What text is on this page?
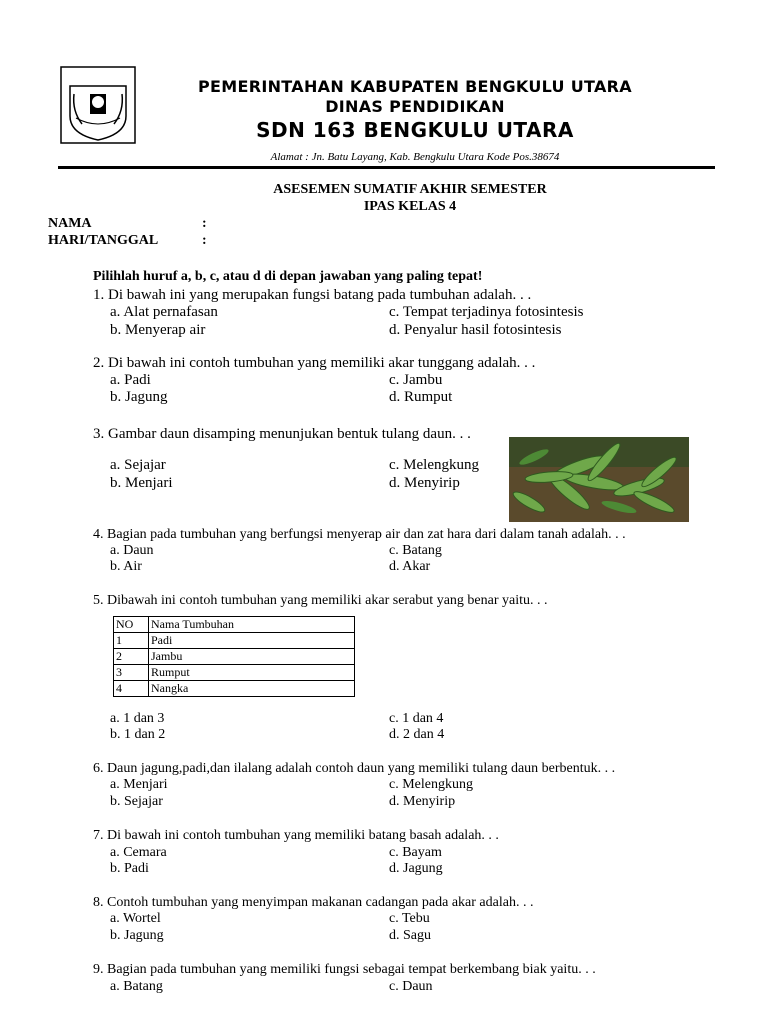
PEMERINTAHAN KABUPATEN BENGKULU UTARA
DINAS PENDIDIKAN
SDN 163 BENGKULU UTARA
Alamat : Jn. Batu Layang, Kab. Bengkulu Utara Kode Pos.38674
ASESEMEN SUMATIF AKHIR SEMESTER
IPAS KELAS 4
NAMA	:
HARI/TANGGAL	:
Pilihlah huruf a, b, c, atau d di depan jawaban yang paling tepat!
1. Di bawah ini yang merupakan fungsi batang pada tumbuhan adalah. . .
a. Alat pernafasan	c. Tempat terjadinya fotosintesis
b. Menyerap air	d. Penyalur hasil fotosintesis
2. Di bawah ini contoh tumbuhan yang memiliki akar tunggang adalah. . .
a. Padi	c. Jambu
b. Jagung	d. Rumput
3. Gambar daun disamping menunjukan bentuk tulang daun. . .
a. Sejajar	c. Melengkung
b. Menjari	d. Menyirip
4. Bagian pada tumbuhan yang berfungsi menyerap air dan zat hara dari dalam tanah adalah. . .
a. Daun	c. Batang
b. Air	d. Akar
5. Dibawah ini contoh tumbuhan yang memiliki akar serabut yang benar yaitu. . .
NO	Nama Tumbuhan
1	Padi
2	Jambu
3	Rumput
4	Nangka
a. 1 dan 3	c. 1 dan 4
b. 1 dan 2	d. 2 dan 4
6. Daun jagung,padi,dan ilalang adalah contoh daun yang memiliki tulang daun berbentuk. . .
a. Menjari	c. Melengkung
b. Sejajar	d. Menyirip
7. Di bawah ini contoh tumbuhan yang memiliki batang basah adalah. . .
a. Cemara	c. Bayam
b. Padi	d. Jagung
8. Contoh tumbuhan yang menyimpan makanan cadangan pada akar adalah. . .
a. Wortel	c. Tebu
b. Jagung	d. Sagu
9. Bagian pada tumbuhan yang memiliki fungsi sebagai tempat berkembang biak yaitu. . .
a. Batang	c. Daun
